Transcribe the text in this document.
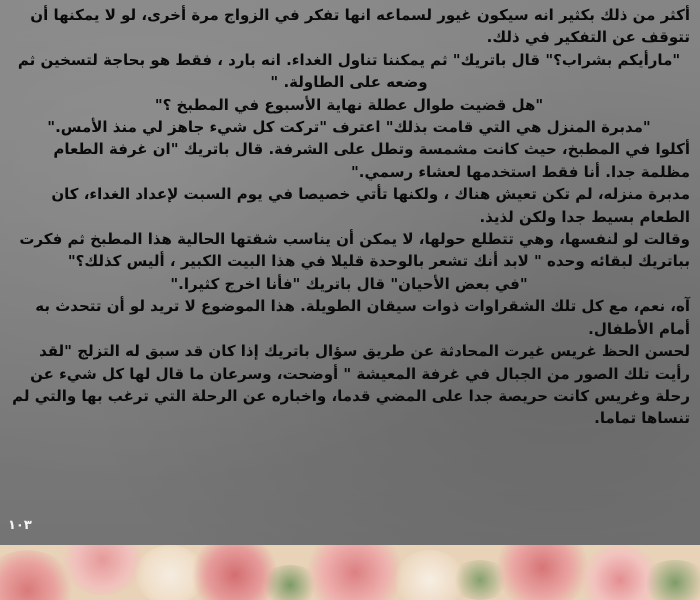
أكثر من ذلك بكثير انه سيكون غيور لسماعه انها تفكر في الزواج مرة أخرى، لو لا يمكنها أن تتوقف عن التفكير في ذلك.

"مارأيكم بشراب؟" قال باتريك" ثم يمكننا تناول الغداء. انه بارد ، فقط هو بحاجة لتسخين ثم وضعه على الطاولة. "

"هل قضيت طوال عطلة نهاية الأسبوع في المطبخ ؟"

"مدبرة المنزل هي التي قامت بذلك" اعترف "تركت كل شيء جاهز لي منذ الأمس."

أكلوا في المطبخ، حيث كانت مشمسة وتطل على الشرفة. قال باتريك "ان غرفة الطعام مظلمة جدا. أنا فقط استخدمها لعشاء رسمي."

مدبرة منزله، لم تكن تعيش هناك ، ولكنها تأتي خصيصا في يوم السبت لإعداد الغداء، كان الطعام بسيط جدا ولكن لذيذ.

وقالت لو لنفسها، وهي تتطلع حولها، لا يمكن أن يناسب شقتها الحالية هذا المطبخ ثم فكرت بباتريك لبقائه وحده " لابد أنك تشعر بالوحدة قليلا في هذا البيت الكبير ، أليس كذلك؟"

"في بعض الأحيان" قال باتريك "فأنا اخرج كثيرا."

آه، نعم، مع كل تلك الشقراوات ذوات سيقان الطويلة. هذا الموضوع لا تريد لو أن تتحدث به أمام الأطفال.

لحسن الحظ غريس غيرت المحادثة عن طريق سؤال باتريك إذا كان قد سبق له التزلج "لقد رأيت تلك الصور من الجبال في غرفة المعيشة " أوضحت، وسرعان ما قال لها كل شيء عن رحلة وغريس كانت حريصة جدا على المضي قدما، واخباره عن الرحلة التي ترغب بها والتي لم تنساها تماما.

١٠٣
